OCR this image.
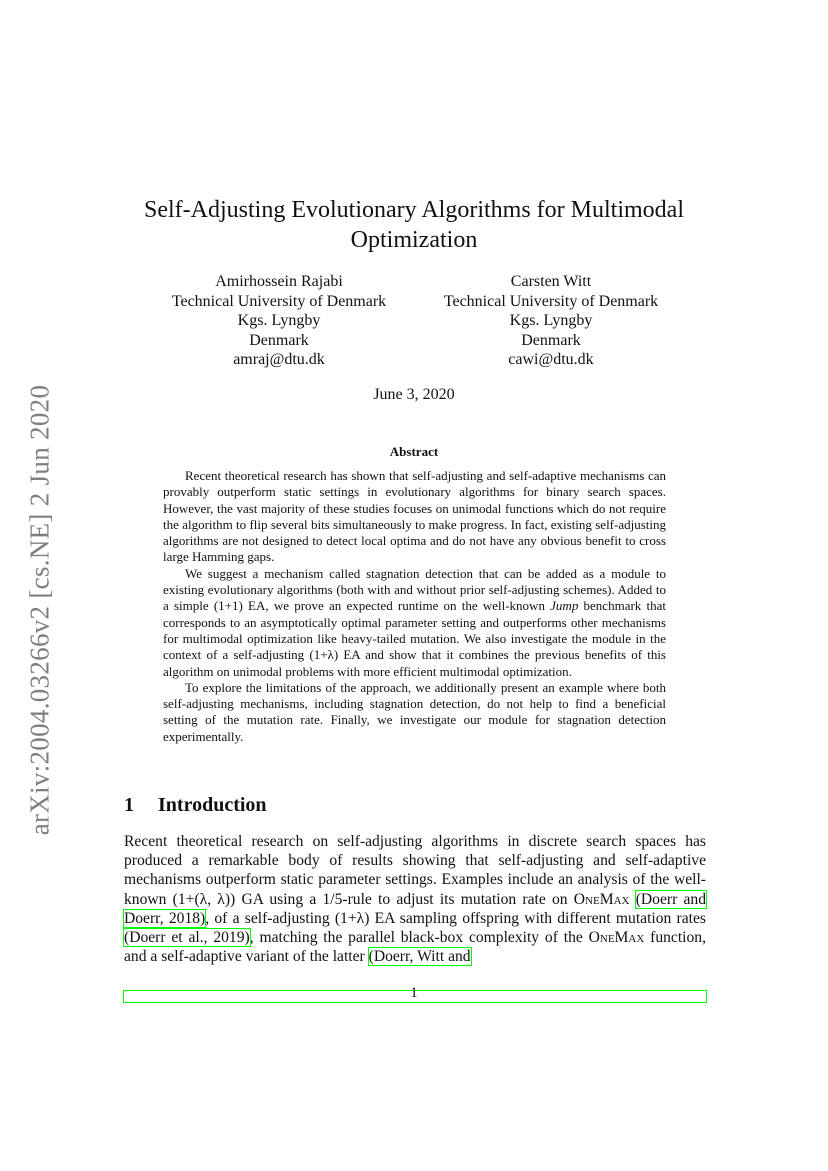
arXiv:2004.03266v2 [cs.NE] 2 Jun 2020
Self-Adjusting Evolutionary Algorithms for Multimodal
Optimization
Amirhossein Rajabi
Technical University of Denmark
Kgs. Lyngby
Denmark
amraj@dtu.dk
Carsten Witt
Technical University of Denmark
Kgs. Lyngby
Denmark
cawi@dtu.dk
June 3, 2020
Abstract

Recent theoretical research has shown that self-adjusting and self-adaptive mechanisms can provably outperform static settings in evolutionary algorithms for binary search spaces. However, the vast majority of these studies focuses on unimodal functions which do not require the algorithm to flip several bits simultaneously to make progress. In fact, existing self-adjusting algorithms are not designed to detect local optima and do not have any obvious benefit to cross large Hamming gaps.

We suggest a mechanism called stagnation detection that can be added as a module to existing evolutionary algorithms (both with and without prior self-adjusting schemes). Added to a simple (1+1) EA, we prove an expected runtime on the well-known Jump benchmark that corresponds to an asymptotically optimal parameter setting and outperforms other mechanisms for multimodal optimization like heavy-tailed mutation. We also investigate the module in the context of a self-adjusting (1+λ) EA and show that it combines the previous benefits of this algorithm on unimodal problems with more efficient multimodal optimization.

To explore the limitations of the approach, we additionally present an example where both self-adjusting mechanisms, including stagnation detection, do not help to find a beneficial setting of the mutation rate. Finally, we investigate our module for stagnation detection experimentally.

1 Introduction

Recent theoretical research on self-adjusting algorithms in discrete search spaces has produced a remarkable body of results showing that self-adjusting and self-adaptive mechanisms outperform static parameter settings. Examples include an analysis of the well-known (1+(λ, λ)) GA using a 1/5-rule to adjust its mutation rate on OneMax (Doerr and Doerr, 2018), of a self-adjusting (1+λ) EA sampling offspring with different mutation rates (Doerr et al., 2019), matching the parallel black-box complexity of the OneMax function, and a self-adaptive variant of the latter (Doerr, Witt and

1
